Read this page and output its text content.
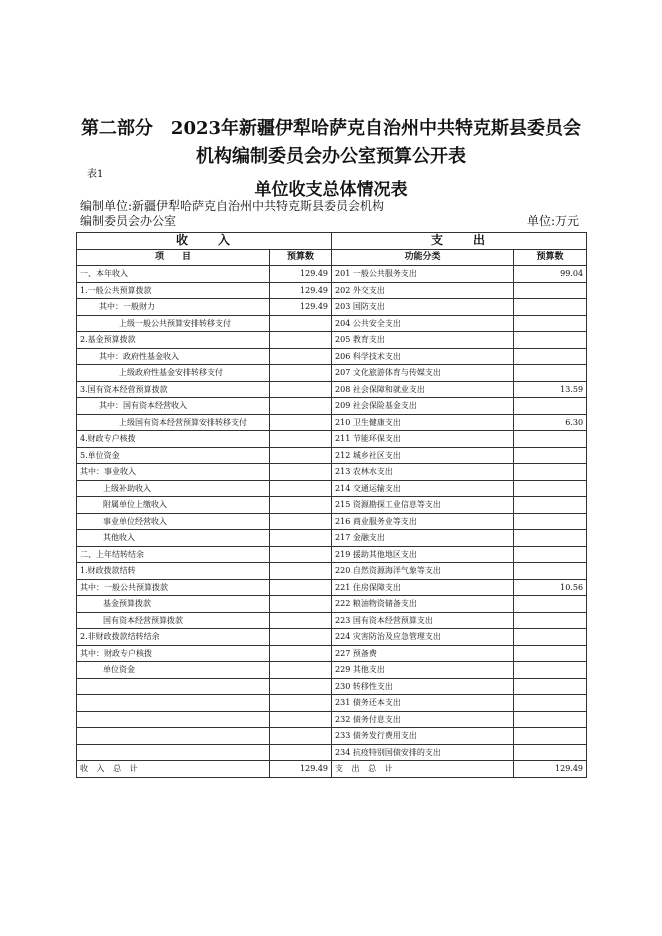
第二部分　2023年新疆伊犁哈萨克自治州中共特克斯县委员会
机构编制委员会办公室预算公开表
表1
单位收支总体情况表
编制单位:新疆伊犁哈萨克自治州中共特克斯县委员会机构
编制委员会办公室	单位:万元
收　　入		支　　出	
项　　目	预算数	功能分类	预算数
一、本年收入	129.49	201 一般公共服务支出	99.04
1.一般公共预算拨款	129.49	202 外交支出	
其中：一般财力	129.49	203 国防支出	
上级一般公共预算安排转移支付		204 公共安全支出	
2.基金预算拨款		205 教育支出	
其中：政府性基金收入		206 科学技术支出	
上级政府性基金安排转移支付		207 文化旅游体育与传媒支出	
3.国有资本经营预算拨款		208 社会保障和就业支出	13.59
其中：国有资本经营收入		209 社会保险基金支出	
上级国有资本经营预算安排转移支付		210 卫生健康支出	6.30
4.财政专户核拨		211 节能环保支出	
5.单位资金		212 城乡社区支出	
其中：事业收入		213 农林水支出	
上级补助收入		214 交通运输支出	
附属单位上缴收入		215 资源勘探工业信息等支出	
事业单位经营收入		216 商业服务业等支出	
其他收入		217 金融支出	
二、上年结转结余		219 援助其他地区支出	
1.财政拨款结转		220 自然资源海洋气象等支出	
其中：一般公共预算拨款		221 住房保障支出	10.56
基金预算拨款		222 粮油物资储备支出	
国有资本经营预算拨款		223 国有资本经营预算支出	
2.非财政拨款结转结余		224 灾害防治及应急管理支出	
其中：财政专户核拨		227 预备费	
单位资金		229 其他支出	
		230 转移性支出	
		231 债务还本支出	
		232 债务付息支出	
		233 债务发行费用支出	
		234 抗疫特别国债安排的支出	
收 入 总 计	129.49	支 出 总 计	129.49
